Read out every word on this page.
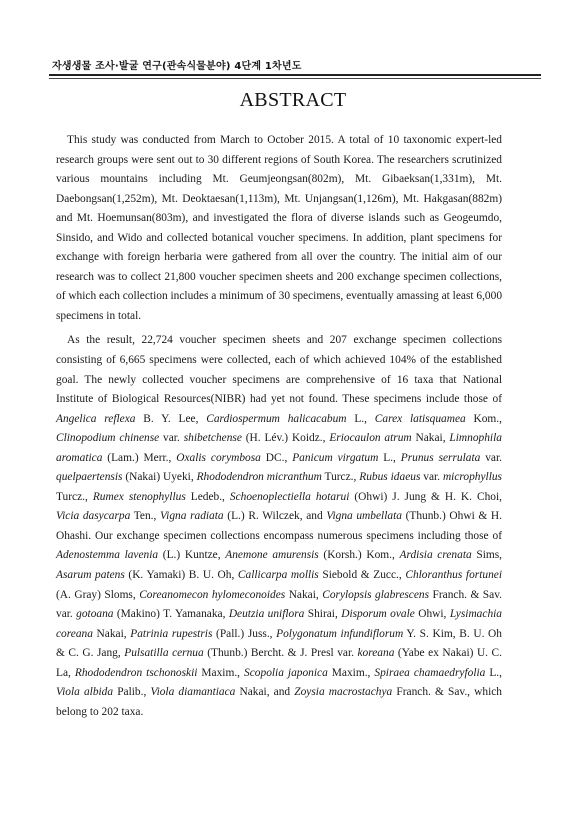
자생생물 조사·발굴 연구(관속식물분야) 4단계 1차년도
ABSTRACT

This study was conducted from March to October 2015. A total of 10 taxonomic expert-led research groups were sent out to 30 different regions of South Korea. The researchers scrutinized various mountains including Mt. Geumjeongsan(802m), Mt. Gibaeksan(1,331m), Mt. Daebongsan(1,252m), Mt. Deoktaesan(1,113m), Mt. Unjangsan(1,126m), Mt. Hakgasan(882m) and Mt. Hoemunsan(803m), and investigated the flora of diverse islands such as Geogeumdo, Sinsido, and Wido and collected botanical voucher specimens. In addition, plant specimens for exchange with foreign herbaria were gathered from all over the country. The initial aim of our research was to collect 21,800 voucher specimen sheets and 200 exchange specimen collections, of which each collection includes a minimum of 30 specimens, eventually amassing at least 6,000 specimens in total.

As the result, 22,724 voucher specimen sheets and 207 exchange specimen collections consisting of 6,665 specimens were collected, each of which achieved 104% of the established goal. The newly collected voucher specimens are comprehensive of 16 taxa that National Institute of Biological Resources(NIBR) had yet not found. These specimens include those of Angelica reflexa B. Y. Lee, Cardiospermum halicacabum L., Carex latisquamea Kom., Clinopodium chinense var. shibetchense (H. Lév.) Koidz., Eriocaulon atrum Nakai, Limnophila aromatica (Lam.) Merr., Oxalis corymbosa DC., Panicum virgatum L., Prunus serrulata var. quelpaertensis (Nakai) Uyeki, Rhododendron micranthum Turcz., Rubus idaeus var. microphyllus Turcz., Rumex stenophyllus Ledeb., Schoenoplectiella hotarui (Ohwi) J. Jung & H. K. Choi, Vicia dasycarpa Ten., Vigna radiata (L.) R. Wilczek, and Vigna umbellata (Thunb.) Ohwi & H. Ohashi. Our exchange specimen collections encompass numerous specimens including those of Adenostemma lavenia (L.) Kuntze, Anemone amurensis (Korsh.) Kom., Ardisia crenata Sims, Asarum patens (K. Yamaki) B. U. Oh, Callicarpa mollis Siebold & Zucc., Chloranthus fortunei (A. Gray) Sloms, Coreanomecon hylomeconoides Nakai, Corylopsis glabrescens Franch. & Sav. var. gotoana (Makino) T. Yamanaka, Deutzia uniflora Shirai, Disporum ovale Ohwi, Lysimachia coreana Nakai, Patrinia rupestris (Pall.) Juss., Polygonatum infundiflorum Y. S. Kim, B. U. Oh & C. G. Jang, Pulsatilla cernua (Thunb.) Bercht. & J. Presl var. koreana (Yabe ex Nakai) U. C. La, Rhododendron tschonoskii Maxim., Scopolia japonica Maxim., Spiraea chamaedryfolia L., Viola albida Palib., Viola diamantiaca Nakai, and Zoysia macrostachya Franch. & Sav., which belong to 202 taxa.
